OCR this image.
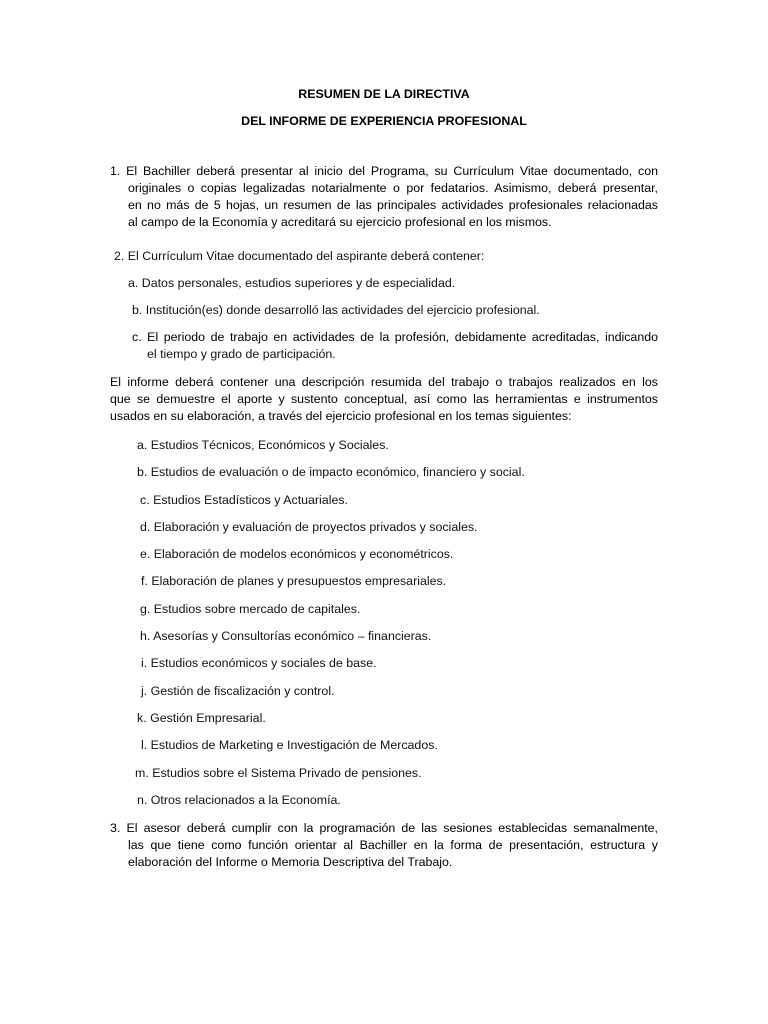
RESUMEN DE LA DIRECTIVA
DEL INFORME DE EXPERIENCIA PROFESIONAL
1. El Bachiller deberá presentar al inicio del Programa, su Currículum Vitae documentado, con
originales o copias legalizadas notarialmente o por fedatarios. Asimismo, deberá presentar,
en no más de 5 hojas, un resumen de las principales actividades profesionales relacionadas
al campo de la Economía y acreditará su ejercicio profesional en los mismos.
2. El Currículum Vitae documentado del aspirante deberá contener:
a. Datos personales, estudios superiores y de especialidad.
b. Institución(es) donde desarrolló las actividades del ejercicio profesional.
c. El periodo de trabajo en actividades de la profesión, debidamente acreditadas, indicando
el tiempo y grado de participación.
El informe deberá contener una descripción resumida del trabajo o trabajos realizados en los
que se demuestre el aporte y sustento conceptual, así como las herramientas e instrumentos
usados en su elaboración, a través del ejercicio profesional en los temas siguientes:
a. Estudios Técnicos, Económicos y Sociales.
b. Estudios de evaluación o de impacto económico, financiero y social.
c. Estudios Estadísticos y Actuariales.
d. Elaboración y evaluación de proyectos privados y sociales.
e. Elaboración de modelos económicos y econométricos.
f. Elaboración de planes y presupuestos empresariales.
g. Estudios sobre mercado de capitales.
h. Asesorías y Consultorías económico – financieras.
i. Estudios económicos y sociales de base.
j. Gestión de fiscalización y control.
k. Gestión Empresarial.
l. Estudios de Marketing e Investigación de Mercados.
m. Estudios sobre el Sistema Privado de pensiones.
n. Otros relacionados a la Economía.
3. El asesor deberá cumplir con la programación de las sesiones establecidas semanalmente,
las que tiene como función orientar al Bachiller en la forma de presentación, estructura y
elaboración del Informe o Memoria Descriptiva del Trabajo.
